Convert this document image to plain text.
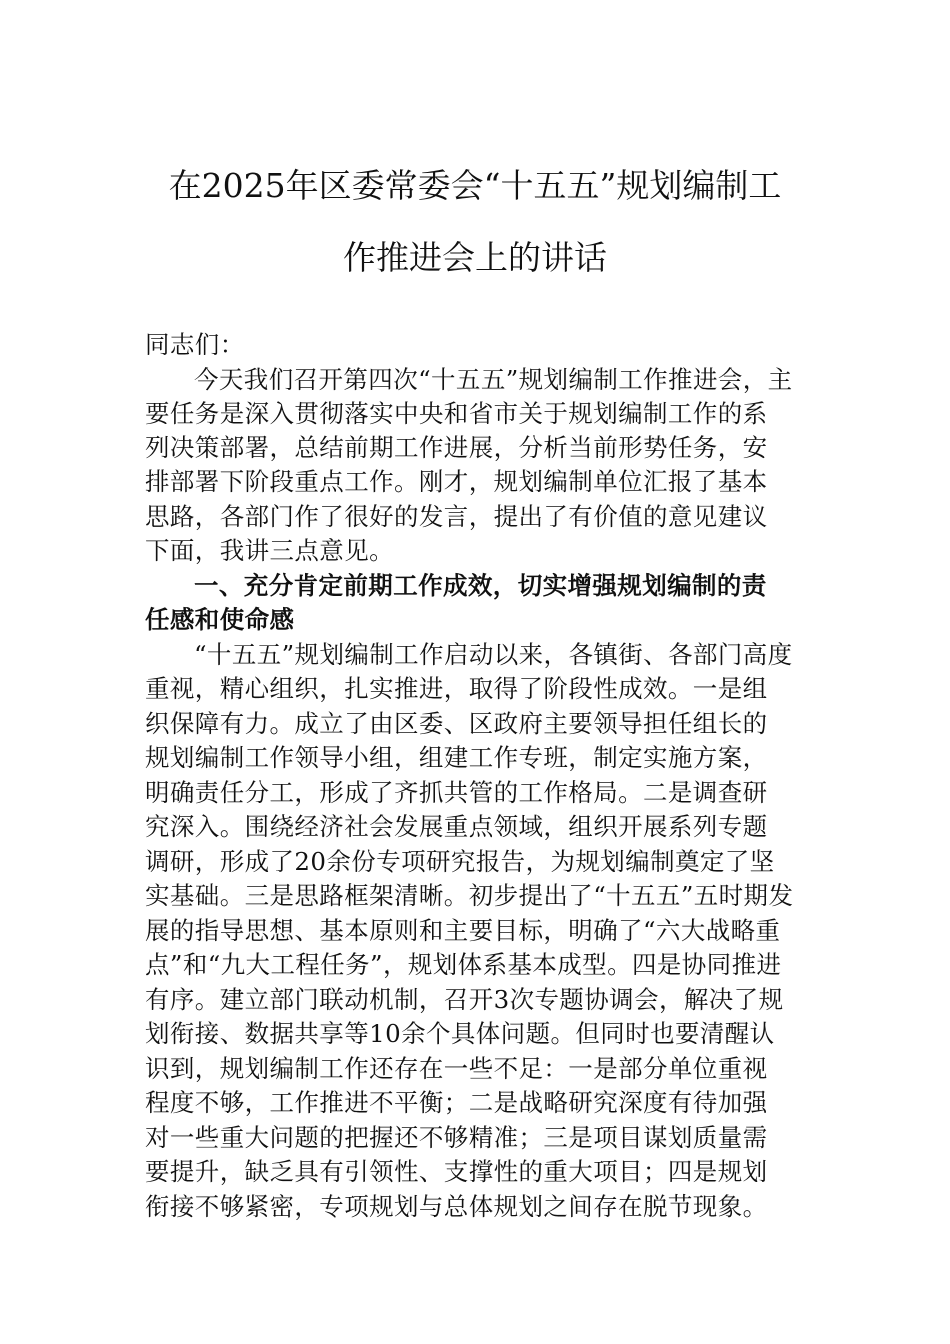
在2025年区委常委会“十五五”规划编制工
作推进会上的讲话
同志们：
今天我们召开第四次“十五五”规划编制工作推进会，主
要任务是深入贯彻落实中央和省市关于规划编制工作的系
列决策部署，总结前期工作进展，分析当前形势任务，安
排部署下阶段重点工作。刚才，规划编制单位汇报了基本
思路，各部门作了很好的发言，提出了有价值的意见建议
下面，我讲三点意见。
一、充分肯定前期工作成效，切实增强规划编制的责
任感和使命感
“十五五”规划编制工作启动以来，各镇街、各部门高度
重视，精心组织，扎实推进，取得了阶段性成效。一是组
织保障有力。成立了由区委、区政府主要领导担任组长的
规划编制工作领导小组，组建工作专班，制定实施方案，
明确责任分工，形成了齐抓共管的工作格局。二是调查研
究深入。围绕经济社会发展重点领域，组织开展系列专题
调研，形成了20余份专项研究报告，为规划编制奠定了坚
实基础。三是思路框架清晰。初步提出了“十五五”五时期发
展的指导思想、基本原则和主要目标，明确了“六大战略重
点”和“九大工程任务”，规划体系基本成型。四是协同推进
有序。建立部门联动机制，召开3次专题协调会，解决了规
划衔接、数据共享等10余个具体问题。但同时也要清醒认
识到，规划编制工作还存在一些不足：一是部分单位重视
程度不够，工作推进不平衡；二是战略研究深度有待加强
对一些重大问题的把握还不够精准；三是项目谋划质量需
要提升，缺乏具有引领性、支撑性的重大项目；四是规划
衔接不够紧密，专项规划与总体规划之间存在脱节现象。
